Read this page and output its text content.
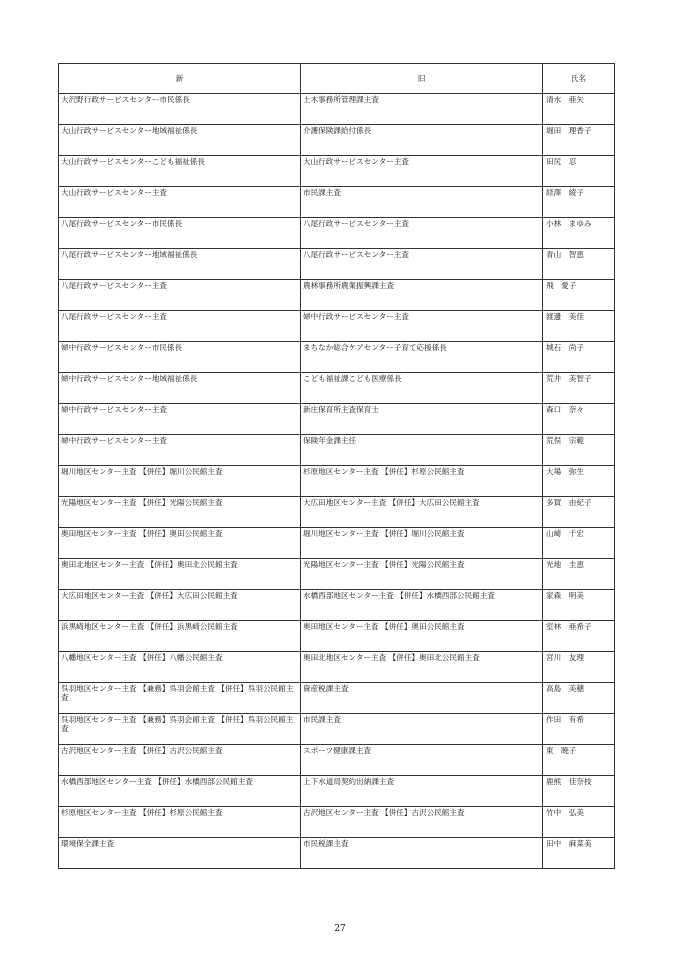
新	旧	氏名
大沢野行政サービスセンター市民係長	土木事務所管理課主査	清水　亜矢
大山行政サービスセンター地域福祉係長	介護保険課給付係長	堀田　理香子
大山行政サービスセンターこども福祉係長	大山行政サービスセンター主査	田尻　忍
大山行政サービスセンター主査	市民課主査	経澤　綾子
八尾行政サービスセンター市民係長	八尾行政サービスセンター主査	小林　まゆみ
八尾行政サービスセンター地域福祉係長	八尾行政サービスセンター主査	青山　智恵
八尾行政サービスセンター主査	農林事務所農業振興課主査	飛　愛子
八尾行政サービスセンター主査	婦中行政サービスセンター主査	渡邊　美佳
婦中行政サービスセンター市民係長	まちなか総合ケアセンター子育て応援係長	城石　尚子
婦中行政サービスセンター地域福祉係長	こども福祉課こども医療係長	荒井　美智子
婦中行政サービスセンター主査	新庄保育所主査保育士	森口　奈々
婦中行政サービスセンター主査	保険年金課主任	荒俣　宗範
堀川地区センター主査 【併任】堀川公民館主査	杉原地区センター主査 【併任】杉原公民館主査	大場　弥生
光陽地区センター主査 【併任】光陽公民館主査	大広田地区センター主査 【併任】大広田公民館主査	多賀　由紀子
奥田地区センター主査 【併任】奥田公民館主査	堀川地区センター主査 【併任】堀川公民館主査	山崎　千宏
奥田北地区センター主査 【併任】奥田北公民館主査	光陽地区センター主査 【併任】光陽公民館主査	光地　圭恵
大広田地区センター主査 【併任】大広田公民館主査	水橋西部地区センター主査 【併任】水橋西部公民館主査	家森　明美
浜黒崎地区センター主査 【併任】浜黒崎公民館主査	奥田地区センター主査 【併任】奥田公民館主査	室林　亜希子
八幡地区センター主査 【併任】八幡公民館主査	奥田北地区センター主査 【併任】奥田北公民館主査	宮川　友理
呉羽地区センター主査 【兼務】呉羽会館主査 【併任】呉羽公民館主査	資産税課主査	高島　美穂
呉羽地区センター主査 【兼務】呉羽会館主査 【併任】呉羽公民館主査	市民課主査	作田　有希
古沢地区センター主査 【併任】古沢公民館主査	スポーツ健康課主査	東　暁子
水橋西部地区センター主査 【併任】水橋西部公民館主査	上下水道局契約出納課主査	鹿熊　佳奈枝
杉原地区センター主査 【併任】杉原公民館主査	古沢地区センター主査 【併任】古沢公民館主査	竹中　弘美
環境保全課主査	市民税課主査	田中　麻菜美
27
